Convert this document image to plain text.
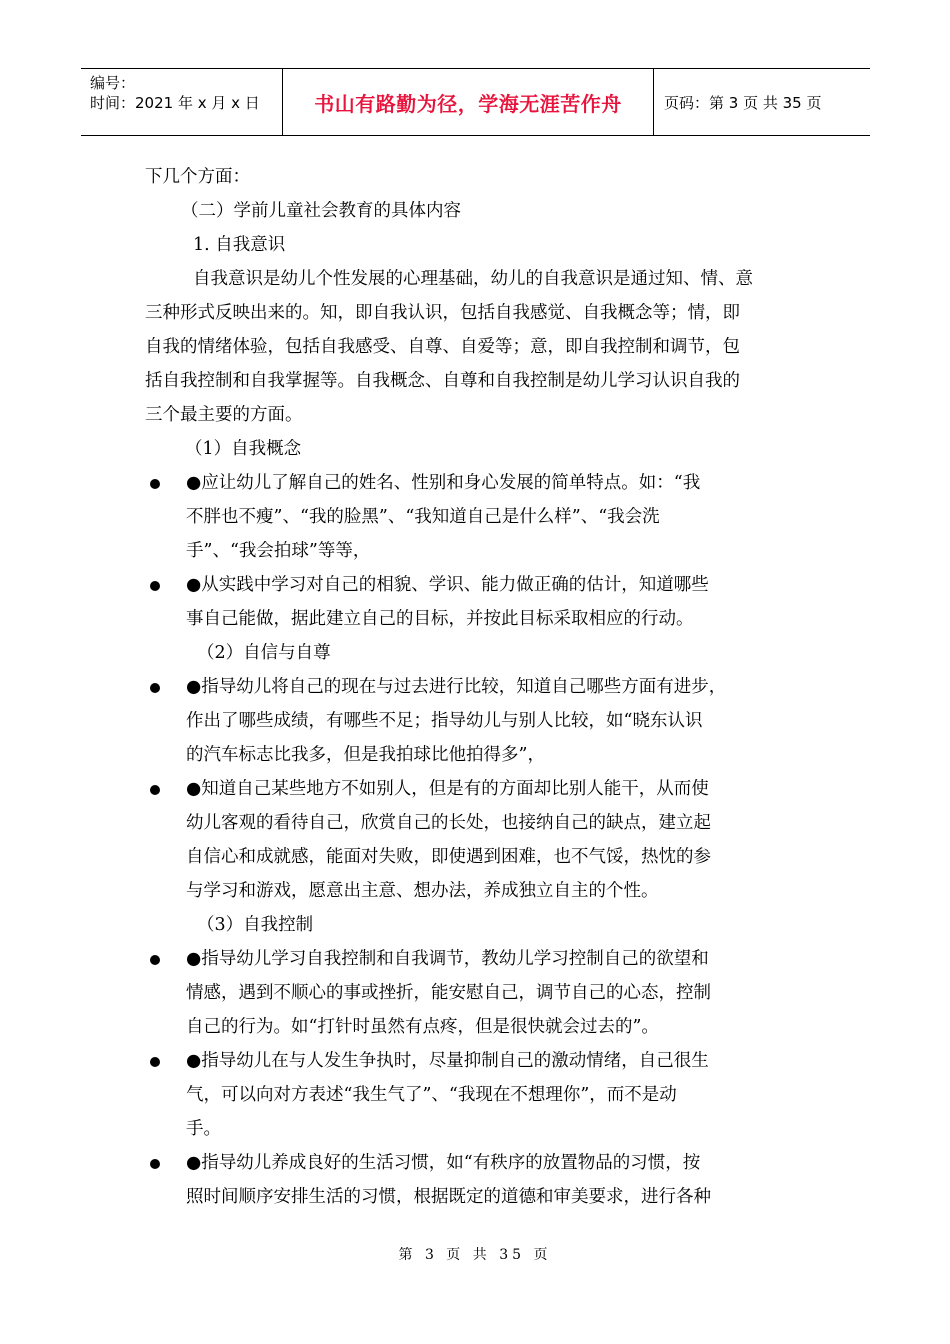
编号：
时间：2021 年 x 月 x 日	书山有路勤为径，学海无涯苦作舟	页码：第 3 页 共 35 页
下几个方面：
（二）学前儿童社会教育的具体内容
1. 自我意识
自我意识是幼儿个性发展的心理基础，幼儿的自我意识是通过知、情、意
三种形式反映出来的。知，即自我认识，包括自我感觉、自我概念等；情，即
自我的情绪体验，包括自我感受、自尊、自爱等；意，即自我控制和调节，包
括自我控制和自我掌握等。自我概念、自尊和自我控制是幼儿学习认识自我的
三个最主要的方面。
（1）自我概念
●应让幼儿了解自己的姓名、性别和身心发展的简单特点。如：“我
不胖也不瘦”、“我的脸黑”、“我知道自己是什么样”、“我会洗
手”、“我会拍球”等等，
●从实践中学习对自己的相貌、学识、能力做正确的估计，知道哪些
事自己能做，据此建立自己的目标，并按此目标采取相应的行动。
（2）自信与自尊
●指导幼儿将自己的现在与过去进行比较，知道自己哪些方面有进步，
作出了哪些成绩，有哪些不足；指导幼儿与别人比较，如“晓东认识
的汽车标志比我多，但是我拍球比他拍得多”，
●知道自己某些地方不如别人，但是有的方面却比别人能干，从而使
幼儿客观的看待自己，欣赏自己的长处，也接纳自己的缺点，建立起
自信心和成就感，能面对失败，即使遇到困难，也不气馁，热忱的参
与学习和游戏，愿意出主意、想办法，养成独立自主的个性。
（3）自我控制
●指导幼儿学习自我控制和自我调节，教幼儿学习控制自己的欲望和
情感，遇到不顺心的事或挫折，能安慰自己，调节自己的心态，控制
自己的行为。如“打针时虽然有点疼，但是很快就会过去的”。
●指导幼儿在与人发生争执时，尽量抑制自己的激动情绪，自己很生
气，可以向对方表述“我生气了”、“我现在不想理你”，而不是动
手。
●指导幼儿养成良好的生活习惯，如“有秩序的放置物品的习惯，按
照时间顺序安排生活的习惯，根据既定的道德和审美要求，进行各种
第 3 页 共 35 页
